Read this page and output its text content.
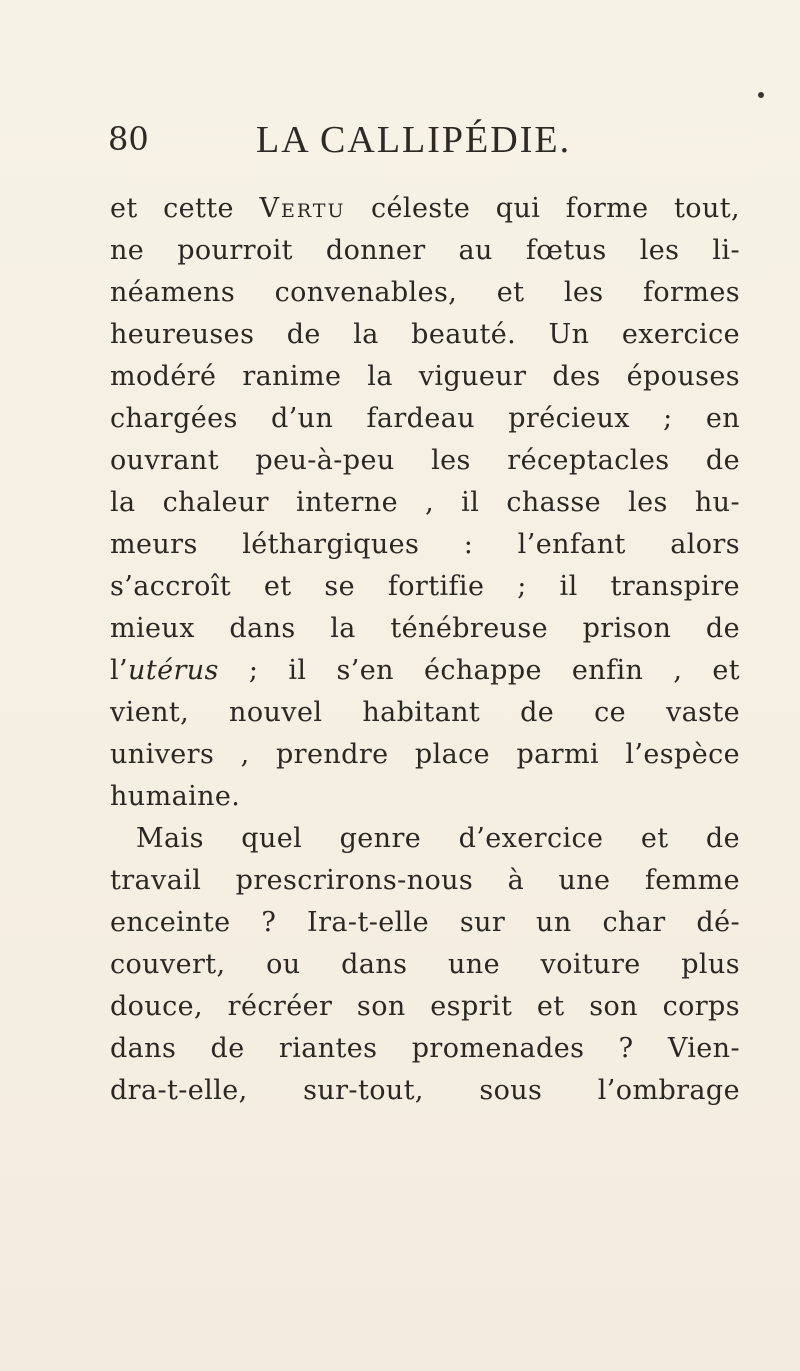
80	LA CALLIPÉDIE.
et cette Vertu céleste qui forme tout,
ne pourroit donner au fœtus les li-
néamens convenables, et les formes
heureuses de la beauté. Un exercice
modéré ranime la vigueur des épouses
chargées d’un fardeau précieux ; en
ouvrant peu-à-peu les réceptacles de
la chaleur interne , il chasse les hu-
meurs léthargiques : l’enfant alors
s’accroît et se fortifie ; il transpire
mieux dans la ténébreuse prison de
l’utérus ; il s’en échappe enfin , et
vient, nouvel habitant de ce vaste
univers , prendre place parmi l’espèce
humaine.
Mais quel genre d’exercice et de
travail prescrirons-nous à une femme
enceinte ? Ira-t-elle sur un char dé-
couvert, ou dans une voiture plus
douce, récréer son esprit et son corps
dans de riantes promenades ? Vien-
dra-t-elle, sur-tout, sous l’ombrage
